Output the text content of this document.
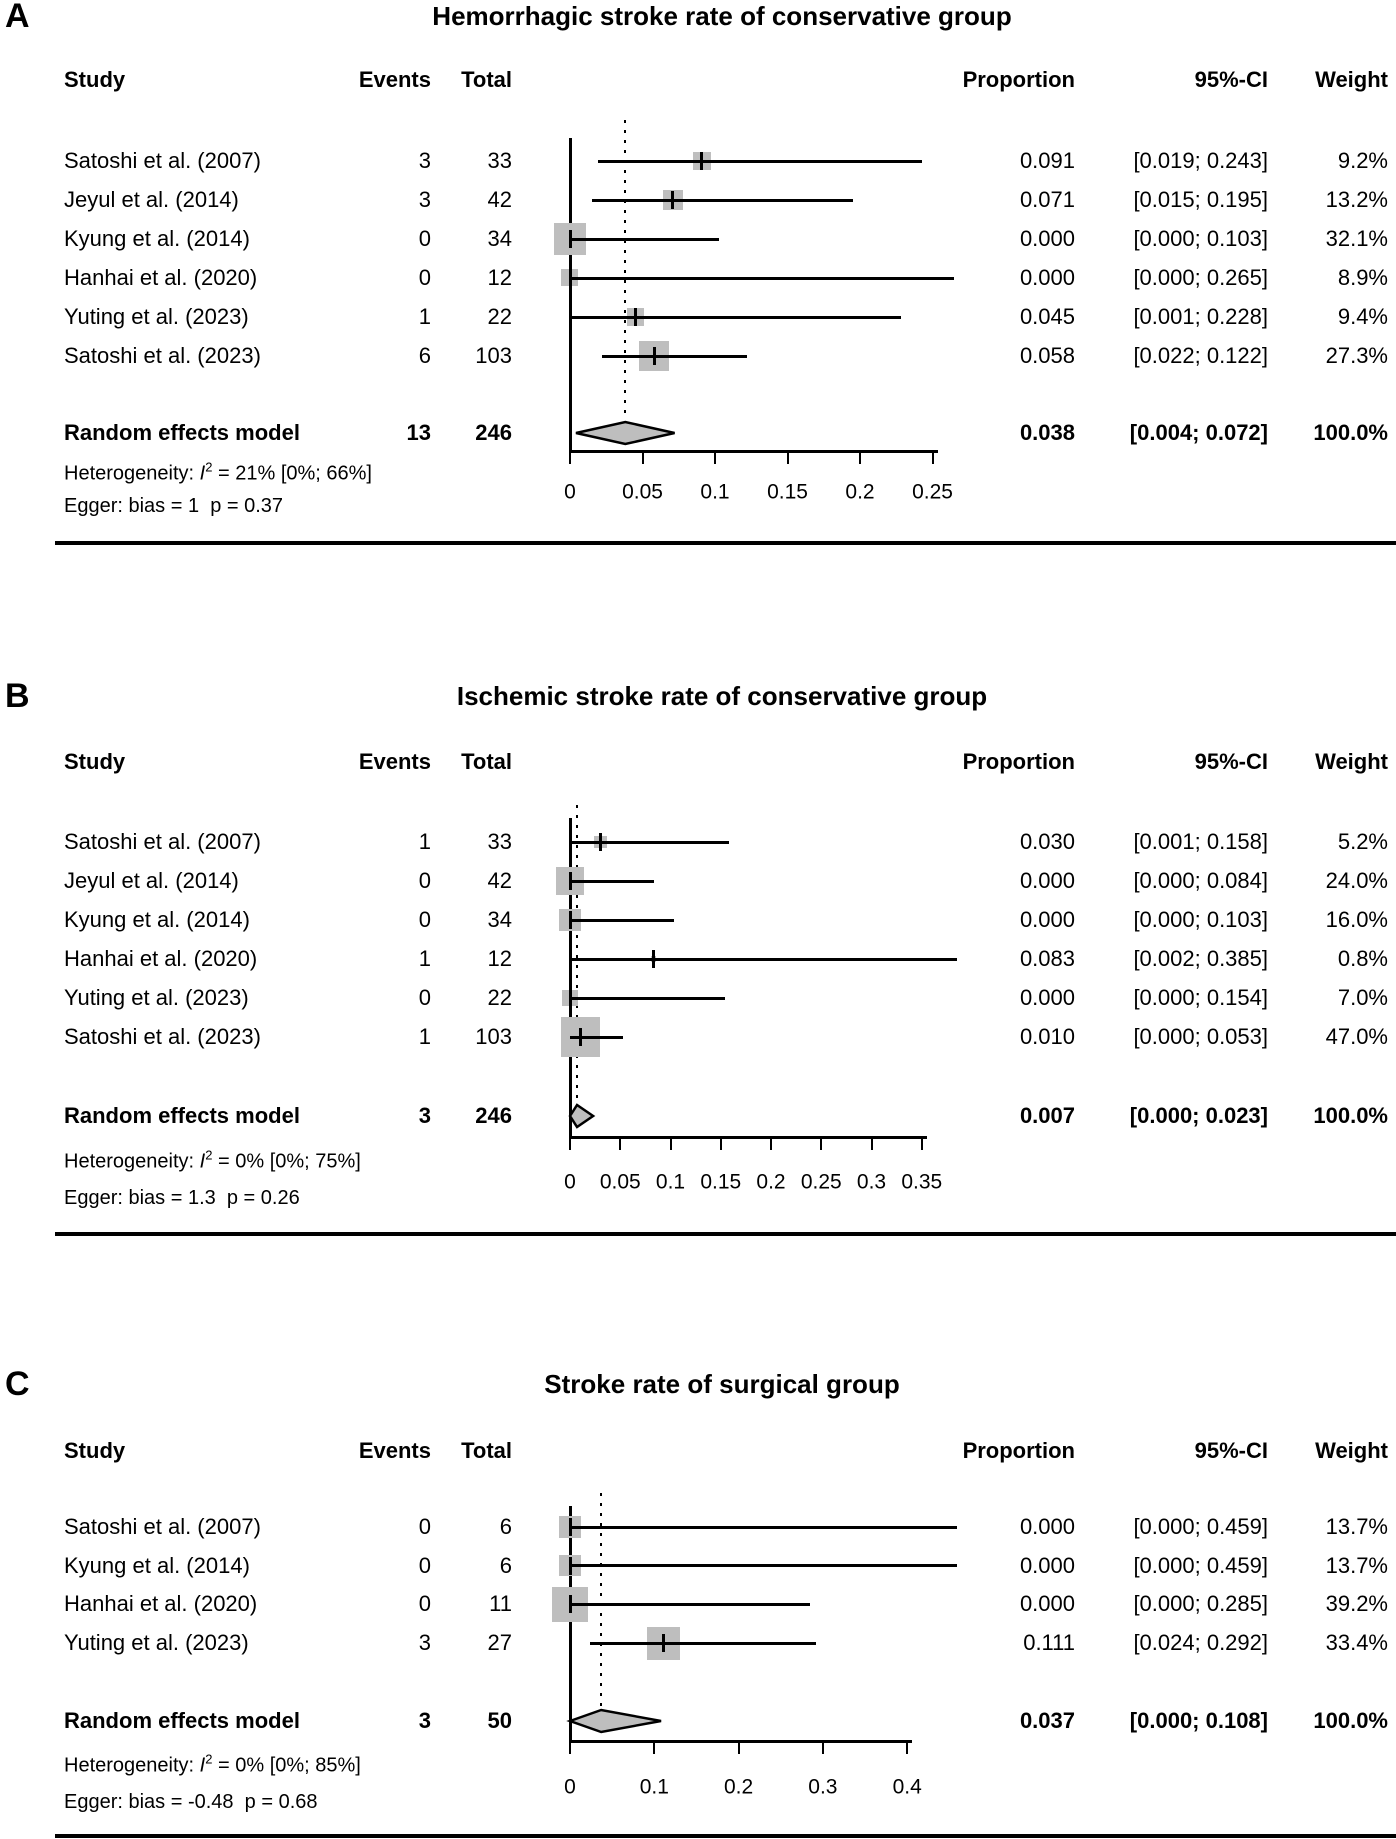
A	Hemorrhagic stroke rate of conservative group
Study	Events Total	Proportion	95%-CI Weight
Satoshi et al. (2007)	3	33	0.091	[0.019; 0.243]	9.2%
Jeyul et al. (2014)	3	42	0.071	[0.015; 0.195]	13.2%
Kyung et al. (2014)	0	34	0.000	[0.000; 0.103]	32.1%
Hanhai et al. (2020)	0	12	0.000	[0.000; 0.265]	8.9%
Yuting et al. (2023)	1	22	0.045	[0.001; 0.228]	9.4%
Satoshi et al. (2023)	6 103	0.058	[0.022; 0.122]	27.3%
Random effects model	13 246	0.038 [0.004; 0.072] 100.0%
0 0.05 0.1 0.15 0.2 0.25
Heterogeneity: $I^2 = 21\%$ [0%; 66%]
Egger: bias = 1  p = 0.37
B	Ischemic stroke rate of conservative group
Study	Events Total	Proportion	95%-CI Weight
Satoshi et al. (2007)	1	33	0.030	[0.001; 0.158]	5.2%
Jeyul et al. (2014)	0	42	0.000	[0.000; 0.084]	24.0%
Kyung et al. (2014)	0	34	0.000	[0.000; 0.103]	16.0%
Hanhai et al. (2020)	1	12	0.083	[0.002; 0.385]	0.8%
Yuting et al. (2023)	0	22	0.000	[0.000; 0.154]	7.0%
Satoshi et al. (2023)	1 103	0.010	[0.000; 0.053]	47.0%
Random effects model	3 246	0.007 [0.000; 0.023] 100.0%
0 0.05 0.1 0.15 0.2 0.25 0.3 0.35
Heterogeneity: $I^2 = 0\%$ [0%; 75%]
Egger: bias = 1.3  p = 0.26
C	Stroke rate of surgical group
Study	Events Total	Proportion	95%-CI Weight
Satoshi et al. (2007)	0	6	0.000	[0.000; 0.459]	13.7%
Kyung et al. (2014)	0	6	0.000	[0.000; 0.459]	13.7%
Hanhai et al. (2020)	0	11	0.000	[0.000; 0.285]	39.2%
Yuting et al. (2023)	3	27	0.111	[0.024; 0.292]	33.4%
Random effects model	3	50	0.037 [0.000; 0.108] 100.0%
0	0.1	0.2	0.3	0.4
Heterogeneity: $I^2 = 0\%$ [0%; 85%]
Egger: bias = -0.48  p = 0.68
